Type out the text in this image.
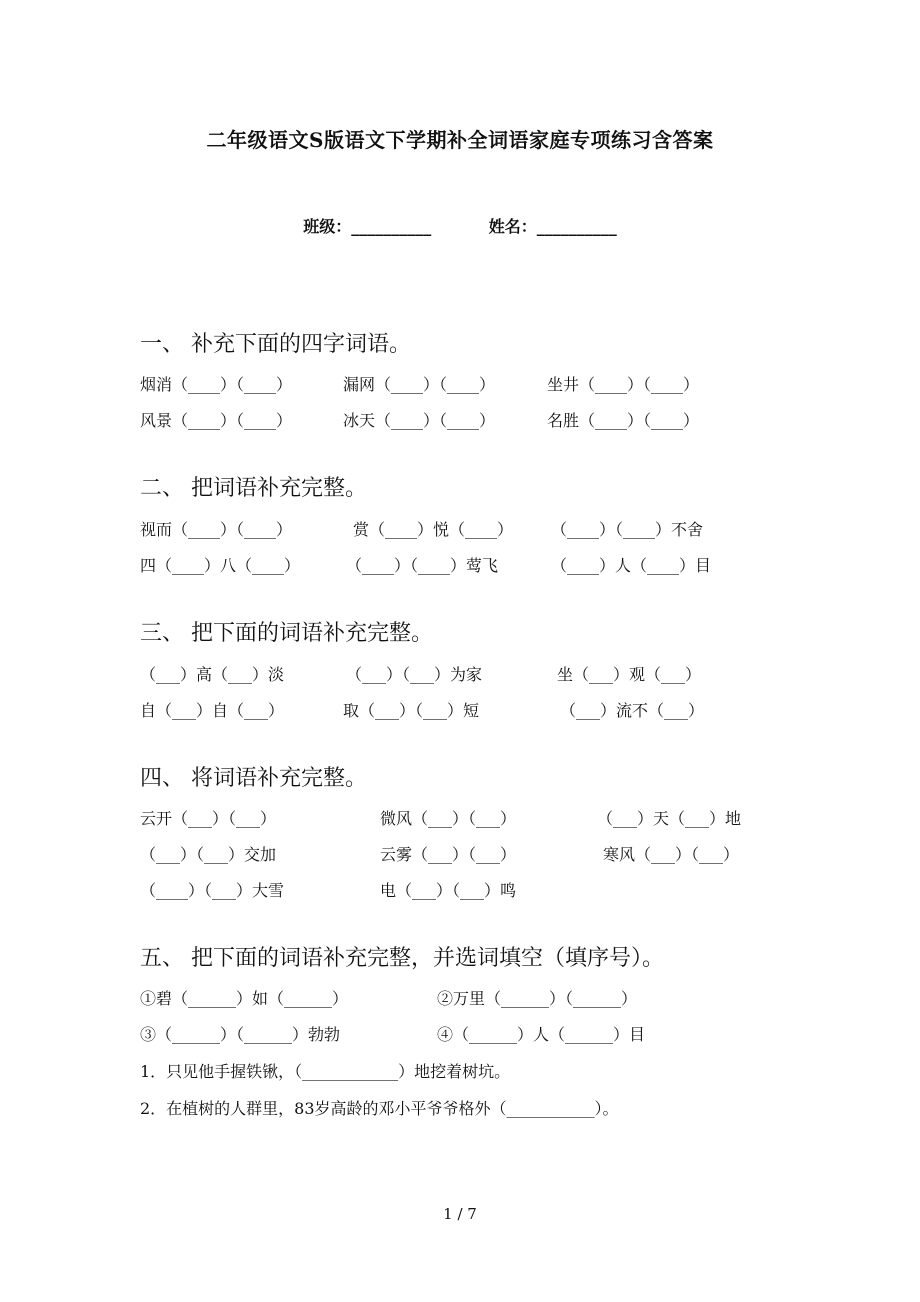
二年级语文S版语文下学期补全词语家庭专项练习含答案
班级：__________	姓名：__________
一、 补充下面的四字词语。
烟消（____）（____）	漏网（____）（____）	坐井（____）（____）
风景（____）（____）	冰天（____）（____）	名胜（____）（____）
二、 把词语补充完整。
视而（____）（____）	赏（____）悦（____） （____）（____）不舍
四（____）八（____）	（____）（____）莺飞	（____）人（____）目
三、 把下面的词语补充完整。
（___）高（___）淡	（___）（___）为家	坐（___）观（___）
自（___）自（___）	取（___）（___）短	（___）流不（___）
四、 将词语补充完整。
云开（___）（___）	微风（___）（___）	（___）天（___）地
（___）（___）交加	云雾（___）（___）	寒风（___）（___）
（____）（___）大雪	电（___）（___）鸣
五、 把下面的词语补充完整，并选词填空（填序号）。
①碧（______）如（______）	②万里（______）（______）
③（______）（______）勃勃	④（______）人（______）目
1．只见他手握铁锹，（____________）地挖着树坑。
2．在植树的人群里，83岁高龄的邓小平爷爷格外（___________）。
1 / 7
